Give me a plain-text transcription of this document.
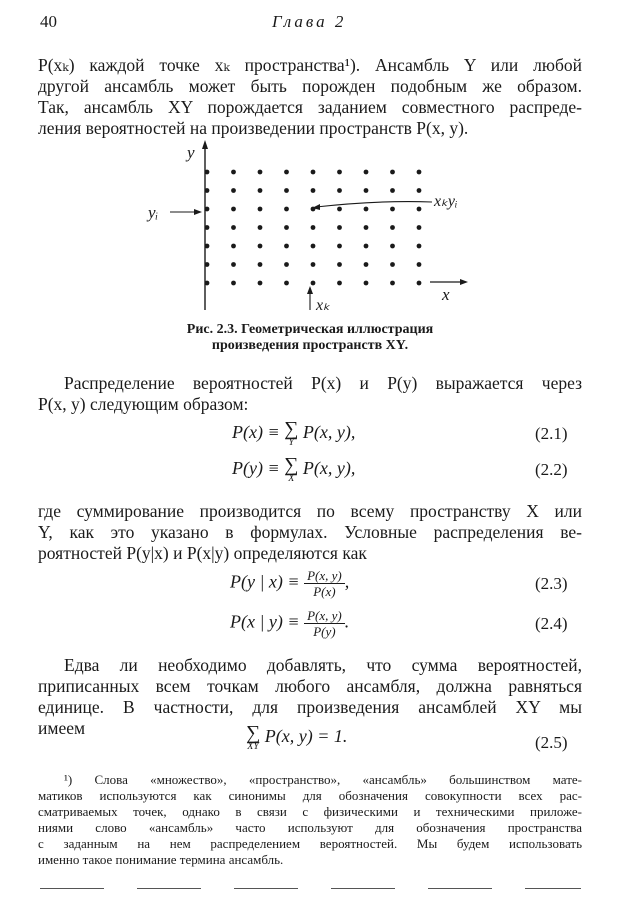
40	Глава 2
P(xₖ) каждой точке xₖ пространства¹). Ансамбль Y или любой
другой ансамбль может быть порожден подобным же образом.
Так, ансамбль XY порождается заданием совместного распреде-
ления вероятностей на произведении пространств P(x, y).
y
x
yᵢ
xₖ
xₖyᵢ
Рис. 2.3. Геометрическая иллюстрация
произведения пространств XY.
Распределение вероятностей P(x) и P(y) выражается через
P(x, y) следующим образом:
P(x) ≡ ∑
Y
P(x, y),	(2.1)
P(y) ≡ ∑
X
P(x, y),	(2.2)
где суммирование производится по всему пространству X или
Y, как это указано в формулах. Условные распределения ве-
роятностей P(y|x) и P(x|y) определяются как
P(y | $x) \equiv \frac{P(x, y)}{P(x)}$ ,	(2.3)
P(x | $y) \equiv \frac{P(x, y)}{P(y)}$ .	(2.4)
Едва ли необходимо добавлять, что сумма вероятностей,
приписанных всем точкам любого ансамбля, должна равняться
единице. В частности, для произведения ансамблей XY мы
имеем	∑
XY
P(x, y) = 1.	(2.5)
¹) Слова «множество», «пространство», «ансамбль» большинством мате-
матиков используются как синонимы для обозначения совокупности всех рас-
сматриваемых точек, однако в связи с физическими и техническими приложе-
ниями слово «ансамбль» часто используют для обозначения пространства
с заданным на нем распределением вероятностей. Мы будем использовать
именно такое понимание термина ансамбль.
